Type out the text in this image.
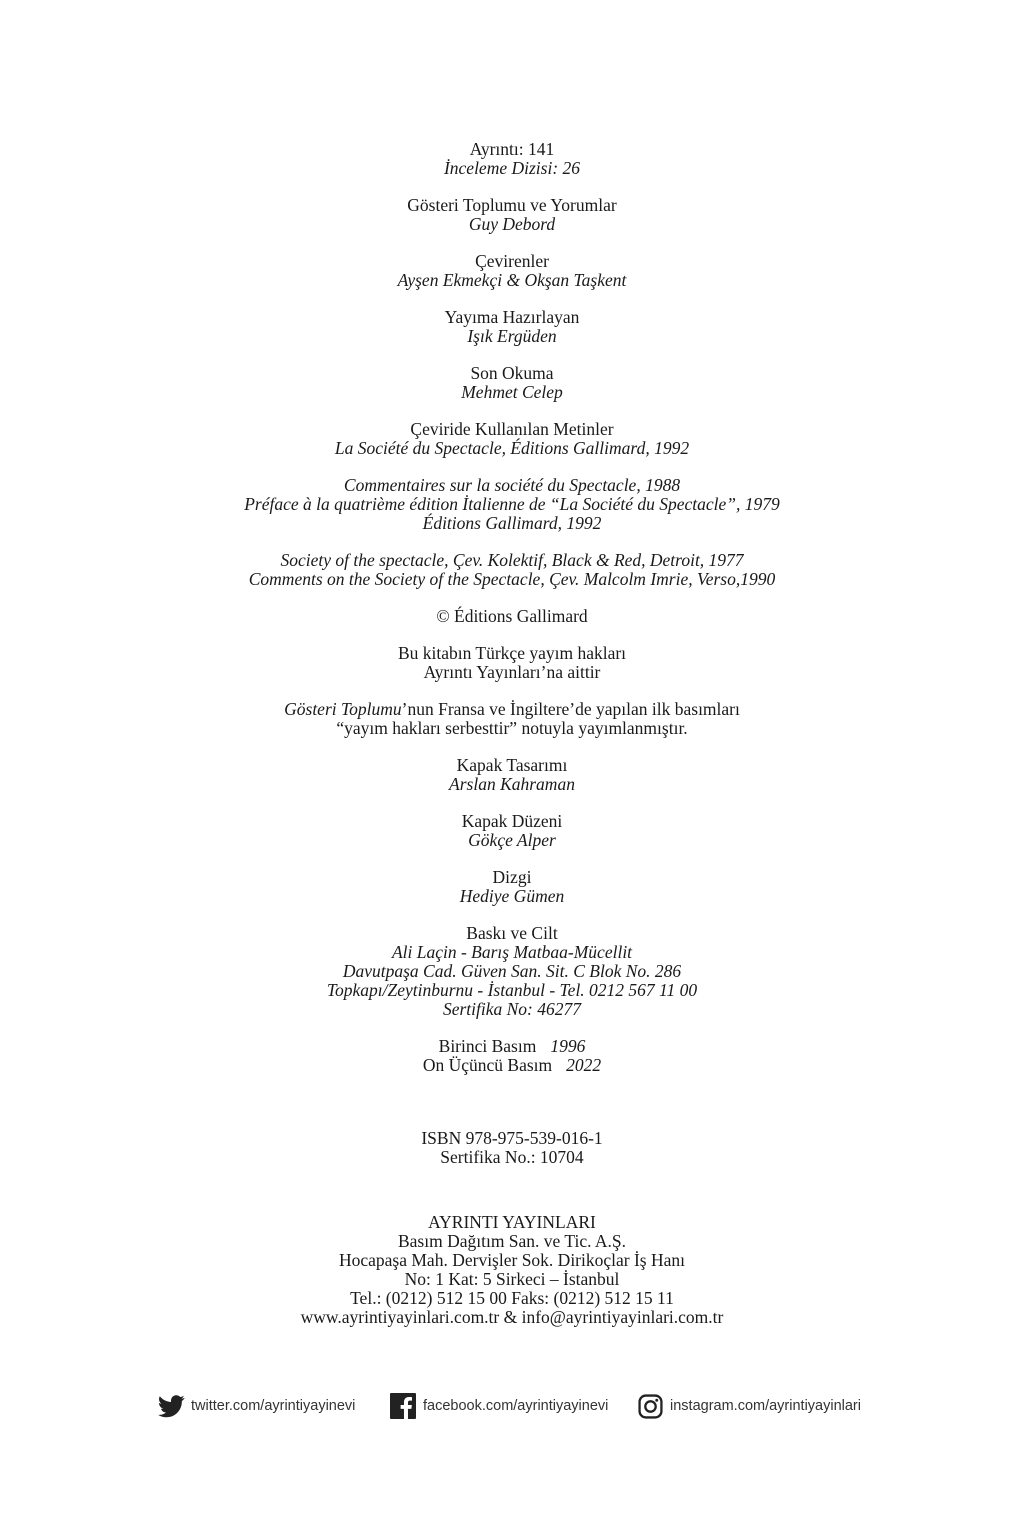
Ayrıntı: 141
İnceleme Dizisi: 26
Gösteri Toplumu ve Yorumlar
Guy Debord
Çevirenler
Ayşen Ekmekçi & Okşan Taşkent
Yayıma Hazırlayan
Işık Ergüden
Son Okuma
Mehmet Celep
Çeviride Kullanılan Metinler
La Société du Spectacle, Éditions Gallimard, 1992
Commentaires sur la société du Spectacle, 1988
Préface à la quatrième édition İtalienne de “La Société du Spectacle”, 1979
Éditions Gallimard, 1992
Society of the spectacle, Çev. Kolektif, Black & Red, Detroit, 1977
Comments on the Society of the Spectacle, Çev. Malcolm Imrie, Verso,1990
© Éditions Gallimard
Bu kitabın Türkçe yayım hakları
Ayrıntı Yayınları’na aittir
Gösteri Toplumu’nun Fransa ve İngiltere’de yapılan ilk basımları
“yayım hakları serbesttir” notuyla yayımlanmıştır.
Kapak Tasarımı
Arslan Kahraman
Kapak Düzeni
Gökçe Alper
Dizgi
Hediye Gümen
Baskı ve Cilt
Ali Laçin - Barış Matbaa-Mücellit
Davutpaşa Cad. Güven San. Sit. C Blok No. 286
Topkapı/Zeytinburnu - İstanbul - Tel. 0212 567 11 00
Sertifika No: 46277
Birinci Basım 1996
On Üçüncü Basım 2022
ISBN 978-975-539-016-1
Sertifika No.: 10704
AYRINTI YAYINLARI
Basım Dağıtım San. ve Tic. A.Ş.
Hocapaşa Mah. Dervişler Sok. Dirikoçlar İş Hanı
No: 1 Kat: 5 Sirkeci – İstanbul
Tel.: (0212) 512 15 00 Faks: (0212) 512 15 11
www.ayrintiyayinlari.com.tr & info@ayrintiyayinlari.com.tr
twitter.com/ayrintiyayinevi	facebook.com/ayrintiyayinevi	instagram.com/ayrintiyayinlari
